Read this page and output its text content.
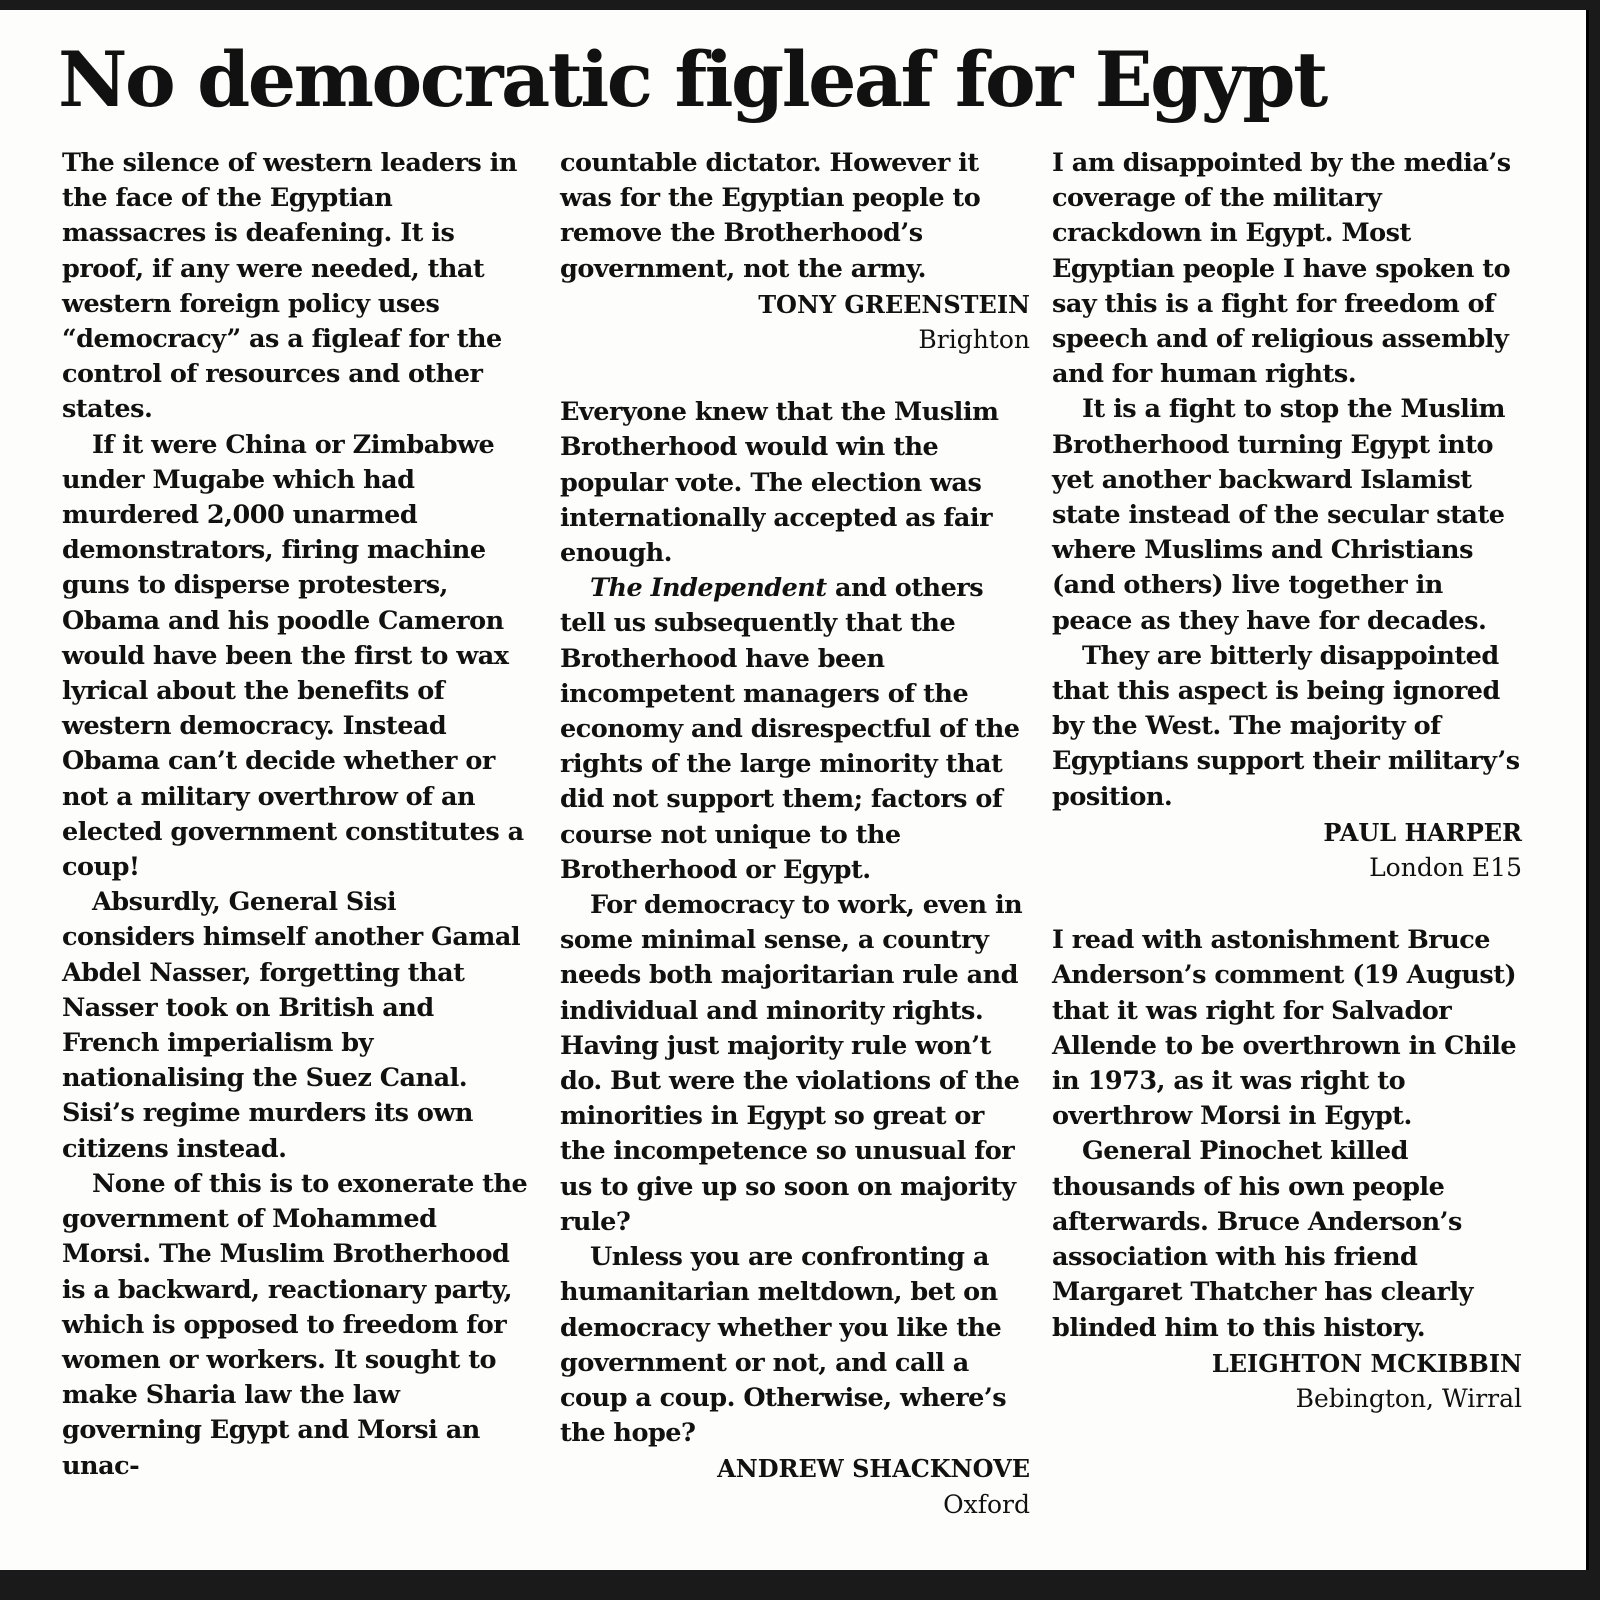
No democratic figleaf for Egypt

The silence of western leaders in the face of the Egyptian massacres is deafening. It is proof, if any were needed, that western foreign policy uses “democracy” as a figleaf for the control of resources and other states.

If it were China or Zimbabwe under Mugabe which had murdered 2,000 unarmed demonstrators, firing machine guns to disperse protesters, Obama and his poodle Cameron would have been the first to wax lyrical about the benefits of western democracy. Instead Obama can’t decide whether or not a military overthrow of an elected government constitutes a coup!

Absurdly, General Sisi considers himself another Gamal Abdel Nasser, forgetting that Nasser took on British and French imperialism by nationalising the Suez Canal. Sisi’s regime murders its own citizens instead.

None of this is to exonerate the government of Mohammed Morsi. The Muslim Brotherhood is a backward, reactionary party, which is opposed to freedom for women or workers. It sought to make Sharia law the law governing Egypt and Morsi an unac-

countable dictator. However it was for the Egyptian people to remove the Brotherhood’s government, not the army.

TONY GREENSTEIN
Brighton

Everyone knew that the Muslim Brotherhood would win the popular vote. The election was internationally accepted as fair enough.

The Independent and others tell us subsequently that the Brotherhood have been incompetent managers of the economy and disrespectful of the rights of the large minority that did not support them; factors of course not unique to the Brotherhood or Egypt.

For democracy to work, even in some minimal sense, a country needs both majoritarian rule and individual and minority rights. Having just majority rule won’t do. But were the violations of the minorities in Egypt so great or the incompetence so unusual for us to give up so soon on majority rule?

Unless you are confronting a humanitarian meltdown, bet on democracy whether you like the government or not, and call a coup a coup. Otherwise, where’s the hope?

ANDREW SHACKNOVE
Oxford

I am disappointed by the media’s coverage of the military crackdown in Egypt. Most Egyptian people I have spoken to say this is a fight for freedom of speech and of religious assembly and for human rights.

It is a fight to stop the Muslim Brotherhood turning Egypt into yet another backward Islamist state instead of the secular state where Muslims and Christians (and others) live together in peace as they have for decades.

They are bitterly disappointed that this aspect is being ignored by the West. The majority of Egyptians support their military’s position.

PAUL HARPER
London E15

I read with astonishment Bruce Anderson’s comment (19 August) that it was right for Salvador Allende to be overthrown in Chile in 1973, as it was right to overthrow Morsi in Egypt.

General Pinochet killed thousands of his own people afterwards. Bruce Anderson’s association with his friend Margaret Thatcher has clearly blinded him to this history.

LEIGHTON MCKIBBIN
Bebington, Wirral
